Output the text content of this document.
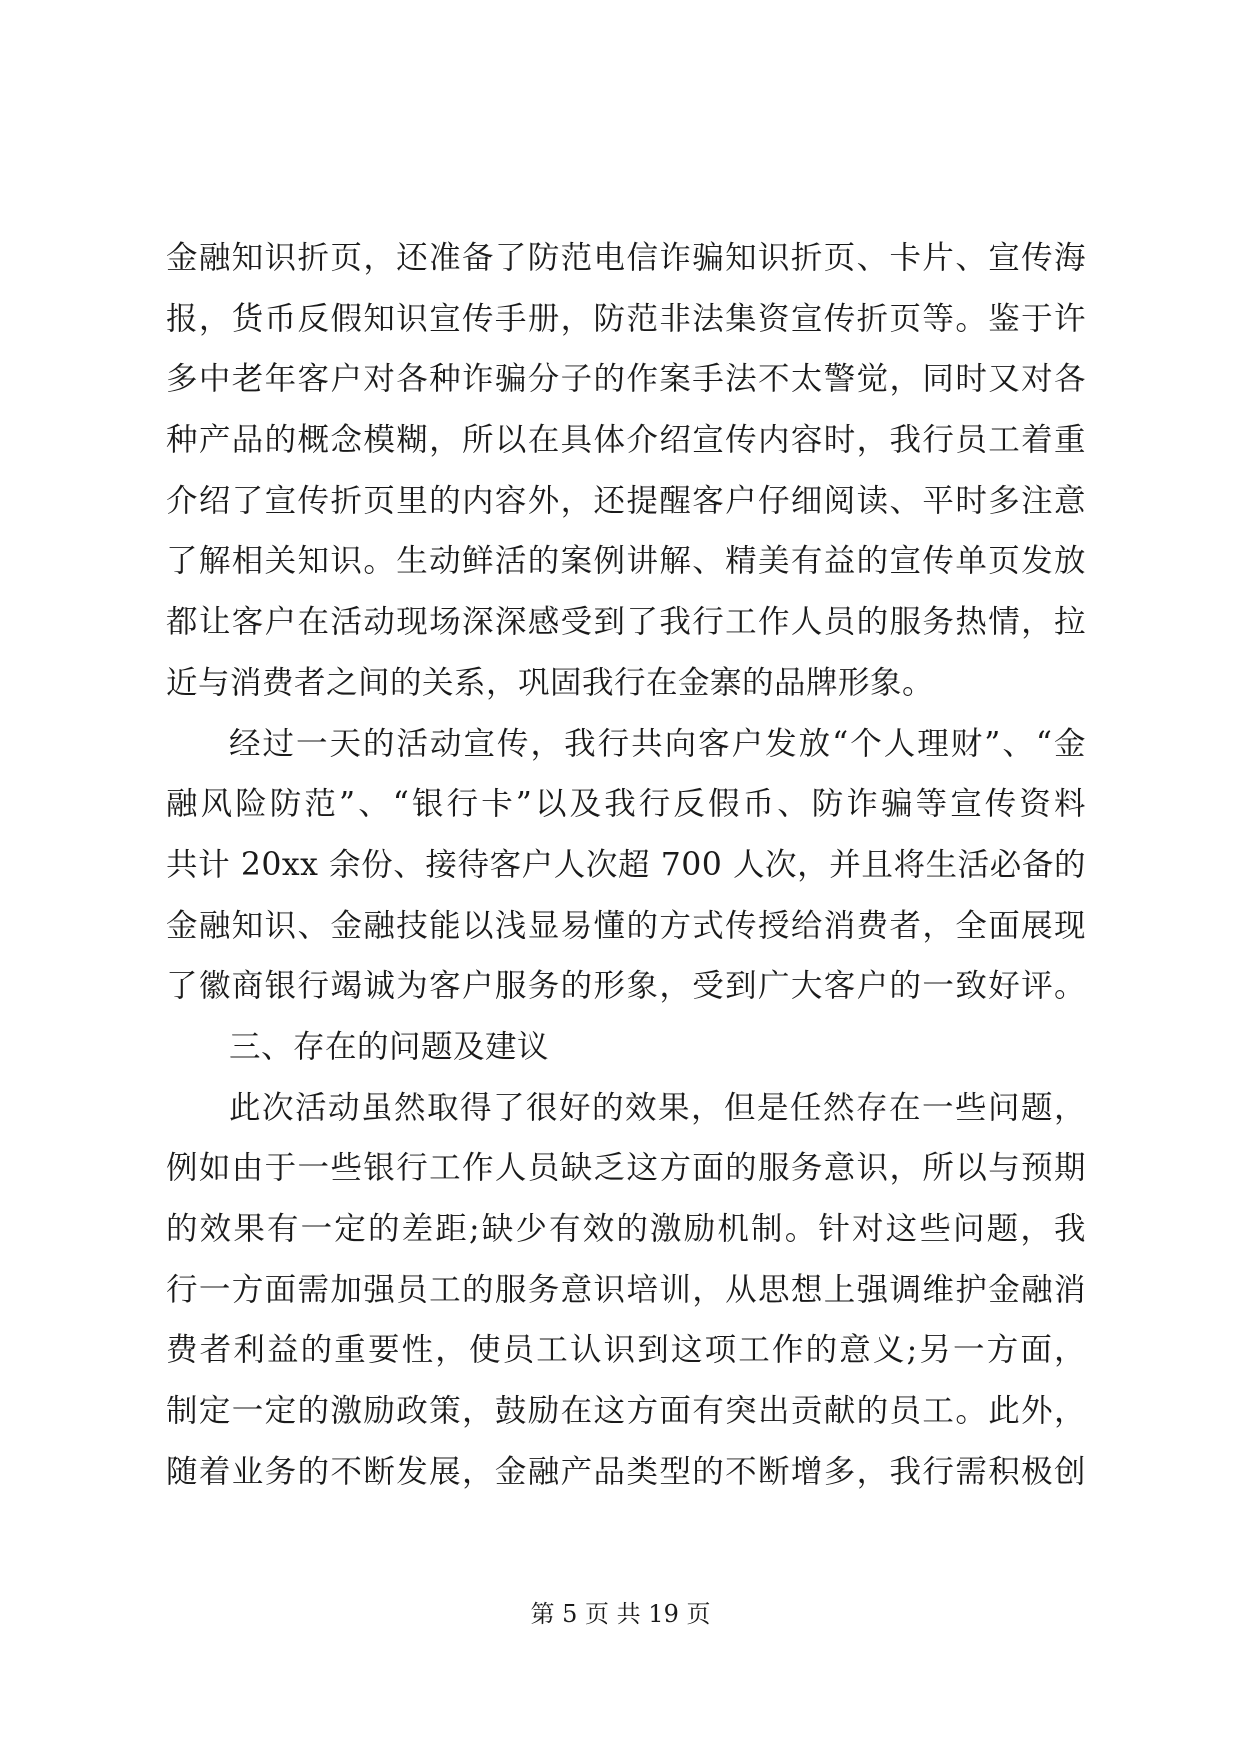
金融知识折页，还准备了防范电信诈骗知识折页、卡片、宣传海
报，货币反假知识宣传手册，防范非法集资宣传折页等。鉴于许
多中老年客户对各种诈骗分子的作案手法不太警觉，同时又对各
种产品的概念模糊，所以在具体介绍宣传内容时，我行员工着重
介绍了宣传折页里的内容外，还提醒客户仔细阅读、平时多注意
了解相关知识。生动鲜活的案例讲解、精美有益的宣传单页发放
都让客户在活动现场深深感受到了我行工作人员的服务热情，拉
近与消费者之间的关系，巩固我行在金寨的品牌形象。
经过一天的活动宣传，我行共向客户发放“个人理财”、“金
融风险防范”、“银行卡”以及我行反假币、防诈骗等宣传资料
共计 20xx 余份、接待客户人次超 700 人次，并且将生活必备的
金融知识、金融技能以浅显易懂的方式传授给消费者，全面展现
了徽商银行竭诚为客户服务的形象，受到广大客户的一致好评。
三、存在的问题及建议
此次活动虽然取得了很好的效果，但是任然存在一些问题，
例如由于一些银行工作人员缺乏这方面的服务意识，所以与预期
的效果有一定的差距;缺少有效的激励机制。针对这些问题，我
行一方面需加强员工的服务意识培训，从思想上强调维护金融消
费者利益的重要性，使员工认识到这项工作的意义;另一方面，
制定一定的激励政策，鼓励在这方面有突出贡献的员工。此外，
随着业务的不断发展，金融产品类型的不断增多，我行需积极创
第 5 页 共 19 页
